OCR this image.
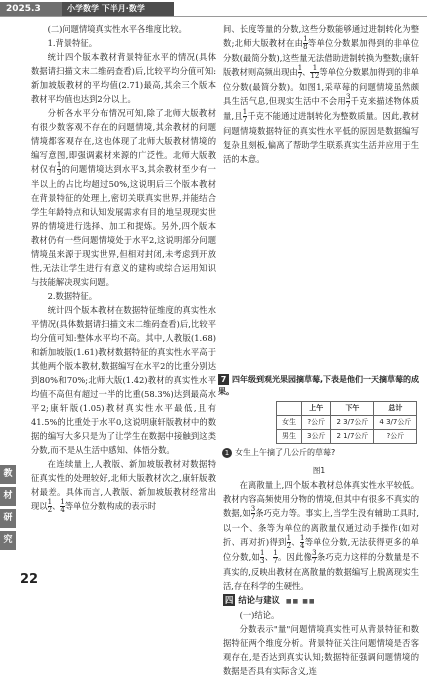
2025.3	小学数学 下半月·数学
教
材
研
究
22

(二)问题情境真实性水平各维度比较。

1.背景特征。

统计四个版本教材背景特征水平的情况(具体数据请扫描文末二维码查看)后,比较平均分值可知:新加坡版教材的平均值(2.71)最高,其余三个版本教材平均值也达到2分以上。

分析各水平分布情况可知,除了北师大版教材有很少数客观不存在的问题情境,其余教材的问题情境都客观存在,这也体现了北师大版教材情境的编写意图,即强调素材来源的广泛性。北师大版教材仅有 $\frac{1}{3}$ 的问题情境达到水平3,其余教材至少有一半以上的占比均超过50%,这说明后三个版本教材在背景特征的处理上,密切关联真实世界,并能结合学生年龄特点和认知发展需求有目的地呈现现实世界的情境进行选择、加工和提炼。另外,四个版本教材仍有一些问题情境处于水平2,这说明部分问题情境虽来源于现实世界,但相对封闭,未考虑到开放性,无法让学生进行有意义的建构或综合运用知识与技能解决现实问题。

2.数据特征。

统计四个版本教材在数据特征维度的真实性水平情况(具体数据请扫描文末二维码查看)后,比较平均分值可知:整体水平均不高。其中,人教版(1.68)和新加坡版(1.61)教材数据特征的真实性水平高于其他两个版本教材,数据编写在水平2的比重分别达到80%和70%;北师大版(1.42)教材的真实性水平均值不高但有超过一半的比重(58.3%)达到最高水平2;康轩版(1.05)教材真实性水平最低,且有41.5%的比重处于水平0,这说明康轩版教材中的数据的编写大多只是为了让学生在数据中接触到这类分数,而不是从生活中感知、体悟分数。

在连续量上,人教版、新加坡版教材对数据特征真实性的处理较好,北师大版教材次之,康轩版教材最差。具体而言,人教版、新加坡版教材经常出现以 $\frac{1}{2}$ 、 $\frac{1}{4}$ 等单位分数构成的表示时

间、长度等量的分数,这些分数能够通过进制转化为整数;北师大版教材在由 $\frac{1}{8}$ 等单位分数累加得到的非单位分数(最简分数),这些量无法借助进制转换为整数;康轩版教材则高频出现由 $\frac{1}{7}$ 、 $\frac{1}{12}$ 等单位分数累加得到的非单位分数(最简分数)。如图1,采草莓的问题情境虽然颇具生活气息,但现实生活中不会用 $\frac{3}{7}$ 千克来描述物体质量,且 $\frac{1}{7}$ 千克不能通过进制转化为整数质量。因此,教材问题情境数据特征的真实性水平低的原因是数据编写复杂且刻板,偏离了帮助学生联系真实生活并应用于生活的本意。

7 四年级到观光果园摘草莓,下表是他们一天摘草莓的成果。
	上午	下午	总计
女生	?公斤	2 3/7公斤	4 3/7公斤
男生	3公斤	2 1/7公斤	?公斤
1 女生上午摘了几公斤的草莓?
图1

在离散量上,四个版本教材总体真实性水平较低。教材内容高频使用分物的情境,但其中有很多不真实的数据,如 $\frac{3}{7}$ 条巧克力等。事实上,当学生没有辅助工具时,以一个、条等为单位的离散量仅通过动手操作(如对折、再对折)得到 $\frac{1}{2}$ 、 $\frac{1}{4}$ 等单位分数,无法获得更多的单位分数,如 $\frac{1}{3}$ 、 $\frac{1}{7}$ 。因此像 $\frac{3}{7}$ 条巧克力这样的分数量是不真实的,反映出教材在离散量的数据编写上脱离现实生活,存在科学的生硬性。

四 结论与建议 ■■ ■■

(一)结论。

分数表示"量"问题情境真实性可从背景特征和数据特征两个维度分析。背景特征关注问题情境是否客观存在,是否达到真实认知;数据特征强调问题情境的数据是否具有实际含义,连
